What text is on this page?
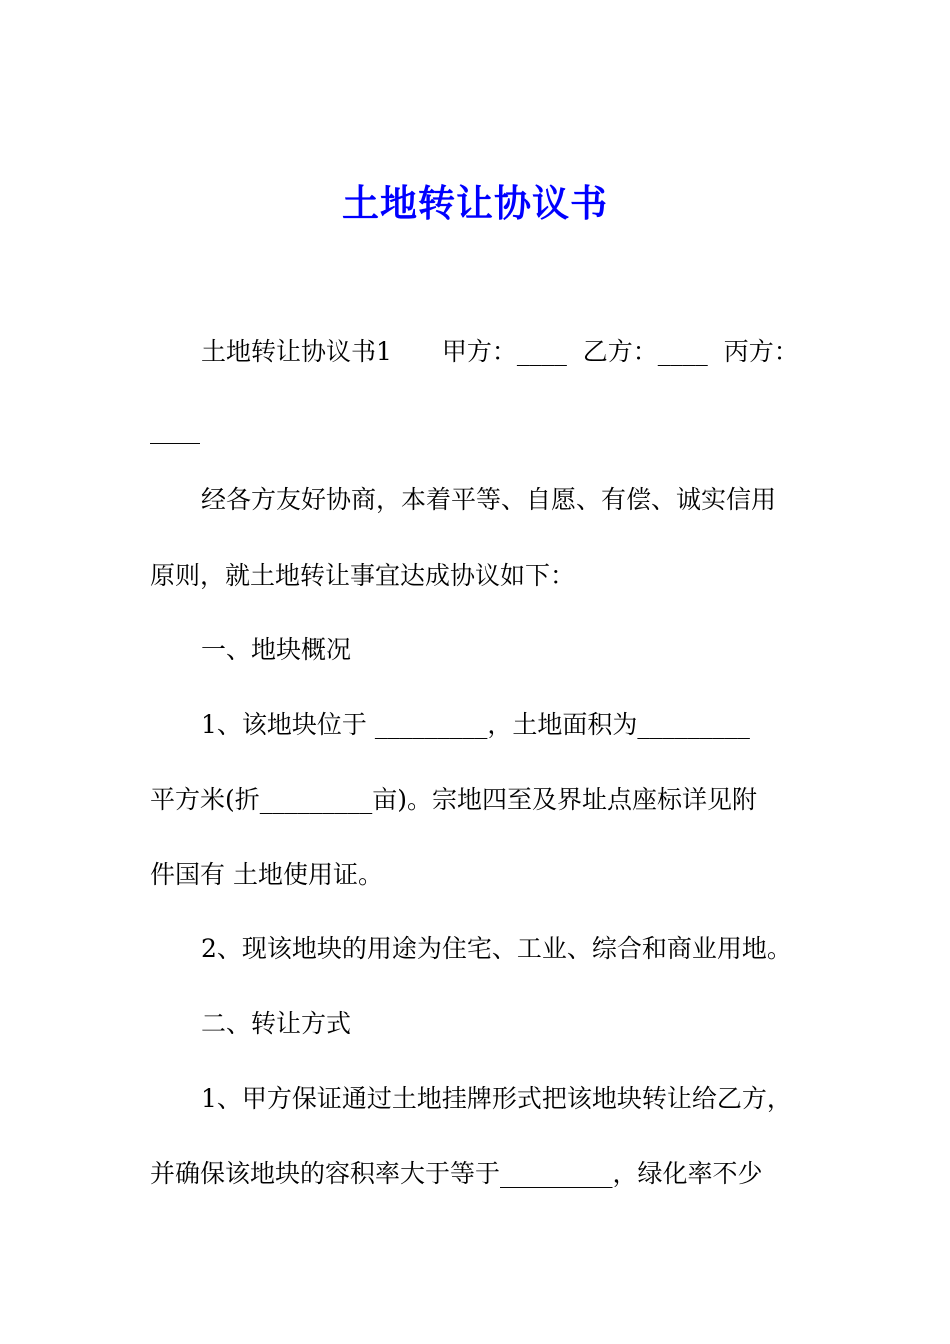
土地转让协议书
土地转让协议书1　　甲方：____  乙方：____  丙方：
____
经各方友好协商，本着平等、自愿、有偿、诚实信用
原则，就土地转让事宜达成协议如下：
一、地块概况
1、该地块位于 _________，土地面积为_________
平方米(折_________亩)。宗地四至及界址点座标详见附
件国有 土地使用证。
2、现该地块的用途为住宅、工业、综合和商业用地。
二、转让方式
1、甲方保证通过土地挂牌形式把该地块转让给乙方，
并确保该地块的容积率大于等于_________，绿化率不少
